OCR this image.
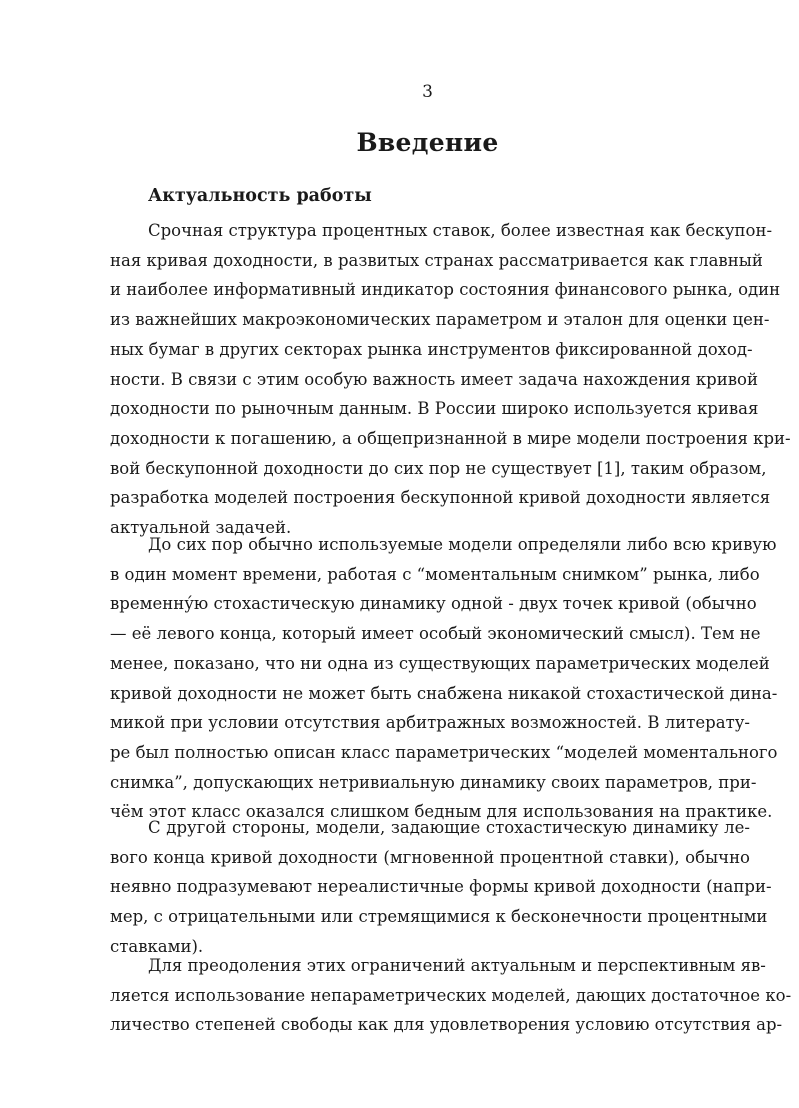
3
Введение
Актуальность работы
Срочная структура процентных ставок, более известная как бескупон-
ная кривая доходности, в развитых странах рассматривается как главный
и наиболее информативный индикатор состояния финансового рынка, один
из важнейших макроэкономических параметром и эталон для оценки цен-
ных бумаг в других секторах рынка инструментов фиксированной доход-
ности. В связи с этим особую важность имеет задача нахождения кривой
доходности по рыночным данным. В России широко используется кривая
доходности к погашению, а общепризнанной в мире модели построения кри-
вой бескупонной доходности до сих пор не существует [1], таким образом,
разработка моделей построения бескупонной кривой доходности является
актуальной задачей.
До сих пор обычно используемые модели определяли либо всю кривую
в один момент времени, работая с “моментальным снимком” рынка, либо
временну́ю стохастическую динамику одной - двух точек кривой (обычно
— её левого конца, который имеет особый экономический смысл). Тем не
менее, показано, что ни одна из существующих параметрических моделей
кривой доходности не может быть снабжена никакой стохастической дина-
микой при условии отсутствия арбитражных возможностей. В литерату-
ре был полностью описан класс параметрических “моделей моментального
снимка”, допускающих нетривиальную динамику своих параметров, при-
чём этот класс оказался слишком бедным для использования на практике.
С другой стороны, модели, задающие стохастическую динамику ле-
вого конца кривой доходности (мгновенной процентной ставки), обычно
неявно подразумевают нереалистичные формы кривой доходности (напри-
мер, с отрицательными или стремящимися к бесконечности процентными
ставками).
Для преодоления этих ограничений актуальным и перспективным яв-
ляется использование непараметрических моделей, дающих достаточное ко-
личество степеней свободы как для удовлетворения условию отсутствия ар-
